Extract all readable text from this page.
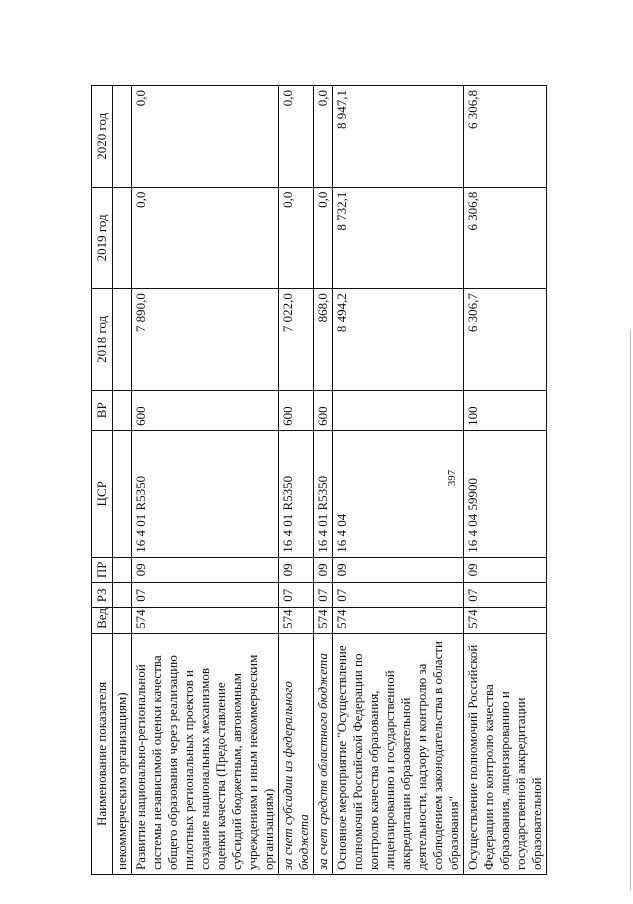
397
Наименование показателя	Вед	РЗ	ПР	ЦСР	ВР	2018 год	2019 год	2020 год
некоммерческим организациям)								
Развитие национально-региональной системы независимой оценки качества общего образования через реализацию пилотных региональных проектов и создание национальных механизмов оценки качества (Предоставление субсидий бюджетным, автономным учреждениям и иным некоммерческим организациям)	574	07	09	16 4 01 R5350	600	7 890,0	0,0	0,0
за счет субсидии из федерального бюджета	574	07	09	16 4 01 R5350	600	7 022,0	0,0	0,0
за счет средств областного бюджета	574	07	09	16 4 01 R5350	600	868,0	0,0	0,0
Основное мероприятие "Осуществление полномочий Российской Федерации по контролю качества образования, лицензированию и государственной аккредитации образовательной деятельности, надзору и контролю за соблюдением законодательства в области образования"	574	07	09	16 4 04		8 494,2	8 732,1	8 947,1
Осуществление полномочий Российской Федерации по контролю качества образования, лицензированию и государственной аккредитации образовательной	574	07	09	16 4 04 59900	100	6 306,7	6 306,8	6 306,8
